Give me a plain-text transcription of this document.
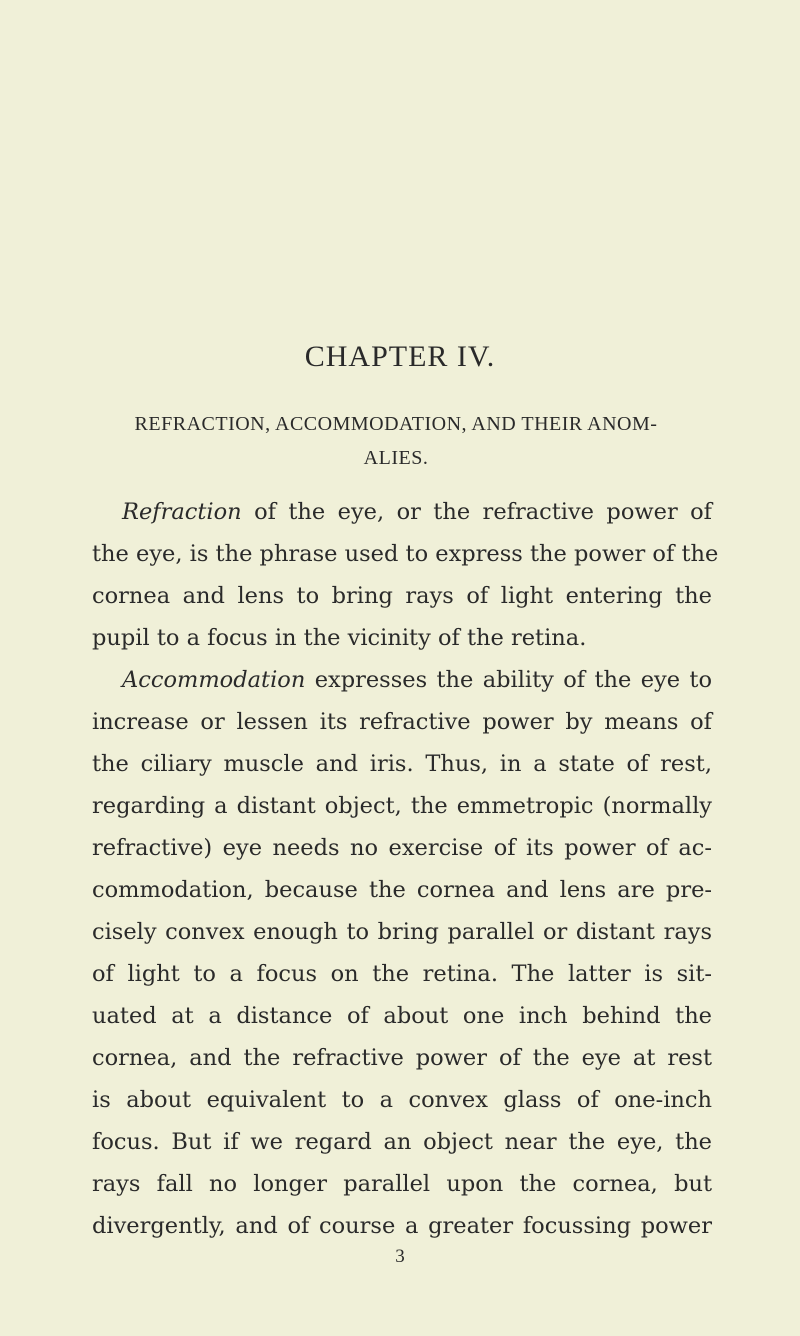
CHAPTER IV.
REFRACTION, ACCOMMODATION, AND THEIR ANOM-
ALIES.
Refraction of the eye, or the refractive power of
the eye, is the phrase used to express the power of the
cornea and lens to bring rays of light entering the
pupil to a focus in the vicinity of the retina.
Accommodation expresses the ability of the eye to
increase or lessen its refractive power by means of
the ciliary muscle and iris. Thus, in a state of rest,
regarding a distant object, the emmetropic (normally
refractive) eye needs no exercise of its power of ac-
commodation, because the cornea and lens are pre-
cisely convex enough to bring parallel or distant rays
of light to a focus on the retina. The latter is sit-
uated at a distance of about one inch behind the
cornea, and the refractive power of the eye at rest
is about equivalent to a convex glass of one-inch
focus. But if we regard an object near the eye, the
rays fall no longer parallel upon the cornea, but
divergently, and of course a greater focussing power
3
